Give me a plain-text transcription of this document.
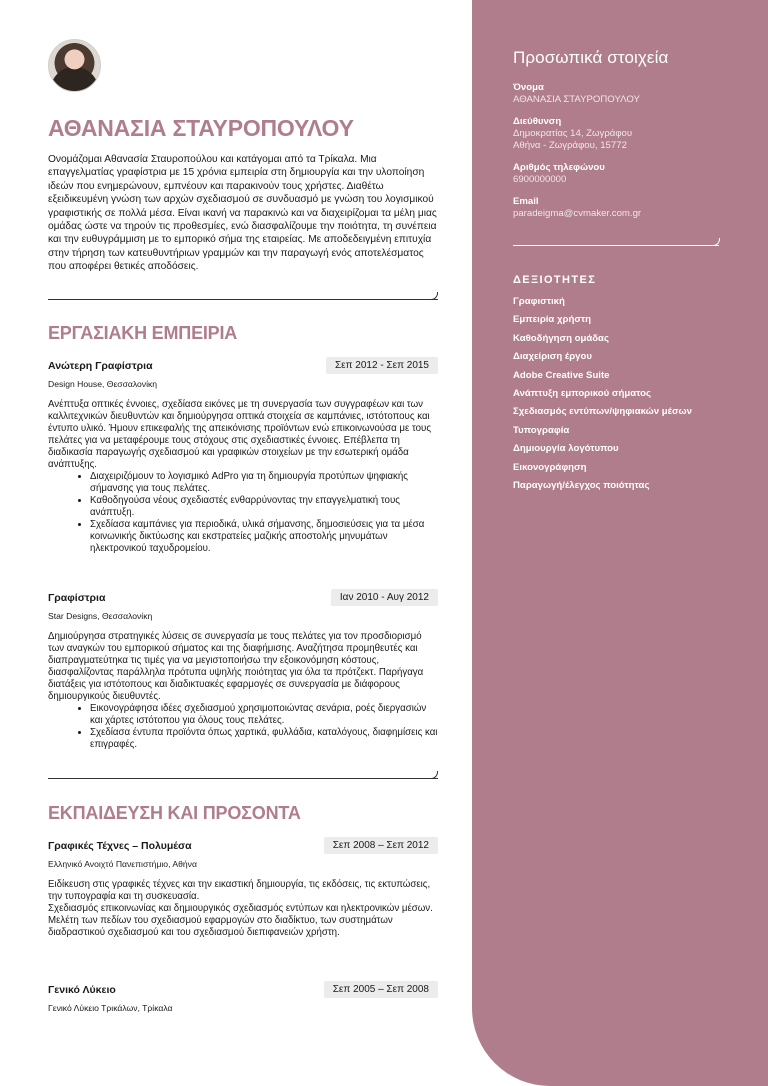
ΑΘΑΝΑΣΙΑ ΣΤΑΥΡΟΠΟΥΛΟΥ

Ονομάζομαι Αθανασία Σταυροπούλου και κατάγομαι από τα Τρίκαλα. Μια επαγγελματίας γραφίστρια με 15 χρόνια εμπειρία στη δημιουργία και την υλοποίηση ιδεών που ενημερώνουν, εμπνέουν και παρακινούν τους χρήστες. Διαθέτω εξειδικευμένη γνώση των αρχών σχεδιασμού σε συνδυασμό με γνώση του λογισμικού γραφιστικής σε πολλά μέσα. Είναι ικανή να παρακινώ και να διαχειρίζομαι τα μέλη μιας ομάδας ώστε να τηρούν τις προθεσμίες, ενώ διασφαλίζουμε την ποιότητα, τη συνέπεια και την ευθυγράμμιση με το εμπορικό σήμα της εταιρείας. Με αποδεδειγμένη επιτυχία στην τήρηση των κατευθυντήριων γραμμών και την παραγωγή ενός αποτελέσματος που αποφέρει θετικές αποδόσεις.

ΕΡΓΑΣΙΑΚΗ ΕΜΠΕΙΡΙΑ
Ανώτερη Γραφίστρια	Σεπ 2012 - Σεπ 2015
Design House, Θεσσαλονίκη

Ανέπτυξα οπτικές έννοιες, σχεδίασα εικόνες με τη συνεργασία των συγγραφέων και των καλλιτεχνικών διευθυντών και δημιούργησα οπτικά στοιχεία σε καμπάνιες, ιστότοπους και έντυπο υλικό. Ήμουν επικεφαλής της απεικόνισης προϊόντων ενώ επικοινωνούσα με τους πελάτες για να μεταφέρουμε τους στόχους στις σχεδιαστικές έννοιες. Επέβλεπα τη διαδικασία παραγωγής σχεδιασμού και γραφικών στοιχείων με την εσωτερική ομάδα ανάπτυξης.

• Διαχειριζόμουν το λογισμικό AdPro για τη δημιουργία προτύπων ψηφιακής σήμανσης για τους πελάτες.
• Καθοδηγούσα νέους σχεδιαστές ενθαρρύνοντας την επαγγελματική τους ανάπτυξη.
• Σχεδίασα καμπάνιες για περιοδικά, υλικά σήμανσης, δημοσιεύσεις για τα μέσα κοινωνικής δικτύωσης και εκστρατείες μαζικής αποστολής μηνυμάτων ηλεκτρονικού ταχυδρομείου.
Γραφίστρια	Ιαν 2010 - Αυγ 2012
Star Designs, Θεσσαλονίκη

Δημιούργησα στρατηγικές λύσεις σε συνεργασία με τους πελάτες για τον προσδιορισμό των αναγκών του εμπορικού σήματος και της διαφήμισης. Αναζήτησα προμηθευτές και διαπραγματεύτηκα τις τιμές για να μεγιστοποιήσω την εξοικονόμηση κόστους, διασφαλίζοντας παράλληλα πρότυπα υψηλής ποιότητας για όλα τα πρότζεκτ. Παρήγαγα διατάξεις για ιστότοπους και διαδικτυακές εφαρμογές σε συνεργασία με διάφορους δημιουργικούς διευθυντές.

• Εικονογράφησα ιδέες σχεδιασμού χρησιμοποιώντας σενάρια, ροές διεργασιών και χάρτες ιστότοπου για όλους τους πελάτες.
• Σχεδίασα έντυπα προϊόντα όπως χαρτικά, φυλλάδια, καταλόγους, διαφημίσεις και επιγραφές.
ΕΚΠΑΙΔΕΥΣΗ ΚΑΙ ΠΡΟΣΟΝΤΑ
Γραφικές Τέχνες – Πολυμέσα	Σεπ 2008 – Σεπ 2012
Ελληνικό Ανοιχτό Πανεπιστήμιο, Αθήνα

Ειδίκευση στις γραφικές τέχνες και την εικαστική δημιουργία, τις εκδόσεις, τις εκτυπώσεις, την τυπογραφία και τη συσκευασία.
Σχεδιασμός επικοινωνίας και δημιουργικός σχεδιασμός εντύπων και ηλεκτρονικών μέσων.
Μελέτη των πεδίων του σχεδιασμού εφαρμογών στο διαδίκτυο, των συστημάτων διαδραστικού σχεδιασμού και του σχεδιασμού διεπιφανειών χρήστη.

Γενικό Λύκειο	Σεπ 2005 – Σεπ 2008
Γενικό Λύκειο Τρικάλων, Τρίκαλα
Προσωπικά στοιχεία
Όνομα
ΑΘΑΝΑΣΙΑ ΣΤΑΥΡΟΠΟΥΛΟΥ
Διεύθυνση
Δημοκρατίας 14, Ζωγράφου
Αθήνα - Ζωγράφου, 15772
Αριθμός τηλεφώνου
6900000000
Email
paradeigma@cvmaker.com.gr
ΔΕΞΙΟΤΗΤΕΣ
Γραφιστική
Εμπειρία χρήστη
Καθοδήγηση ομάδας
Διαχείριση έργου
Adobe Creative Suite
Ανάπτυξη εμπορικού σήματος
Σχεδιασμός εντύπων/ψηφιακών μέσων
Τυπογραφία
Δημιουργία λογότυπου
Εικονογράφηση
Παραγωγή/έλεγχος ποιότητας
